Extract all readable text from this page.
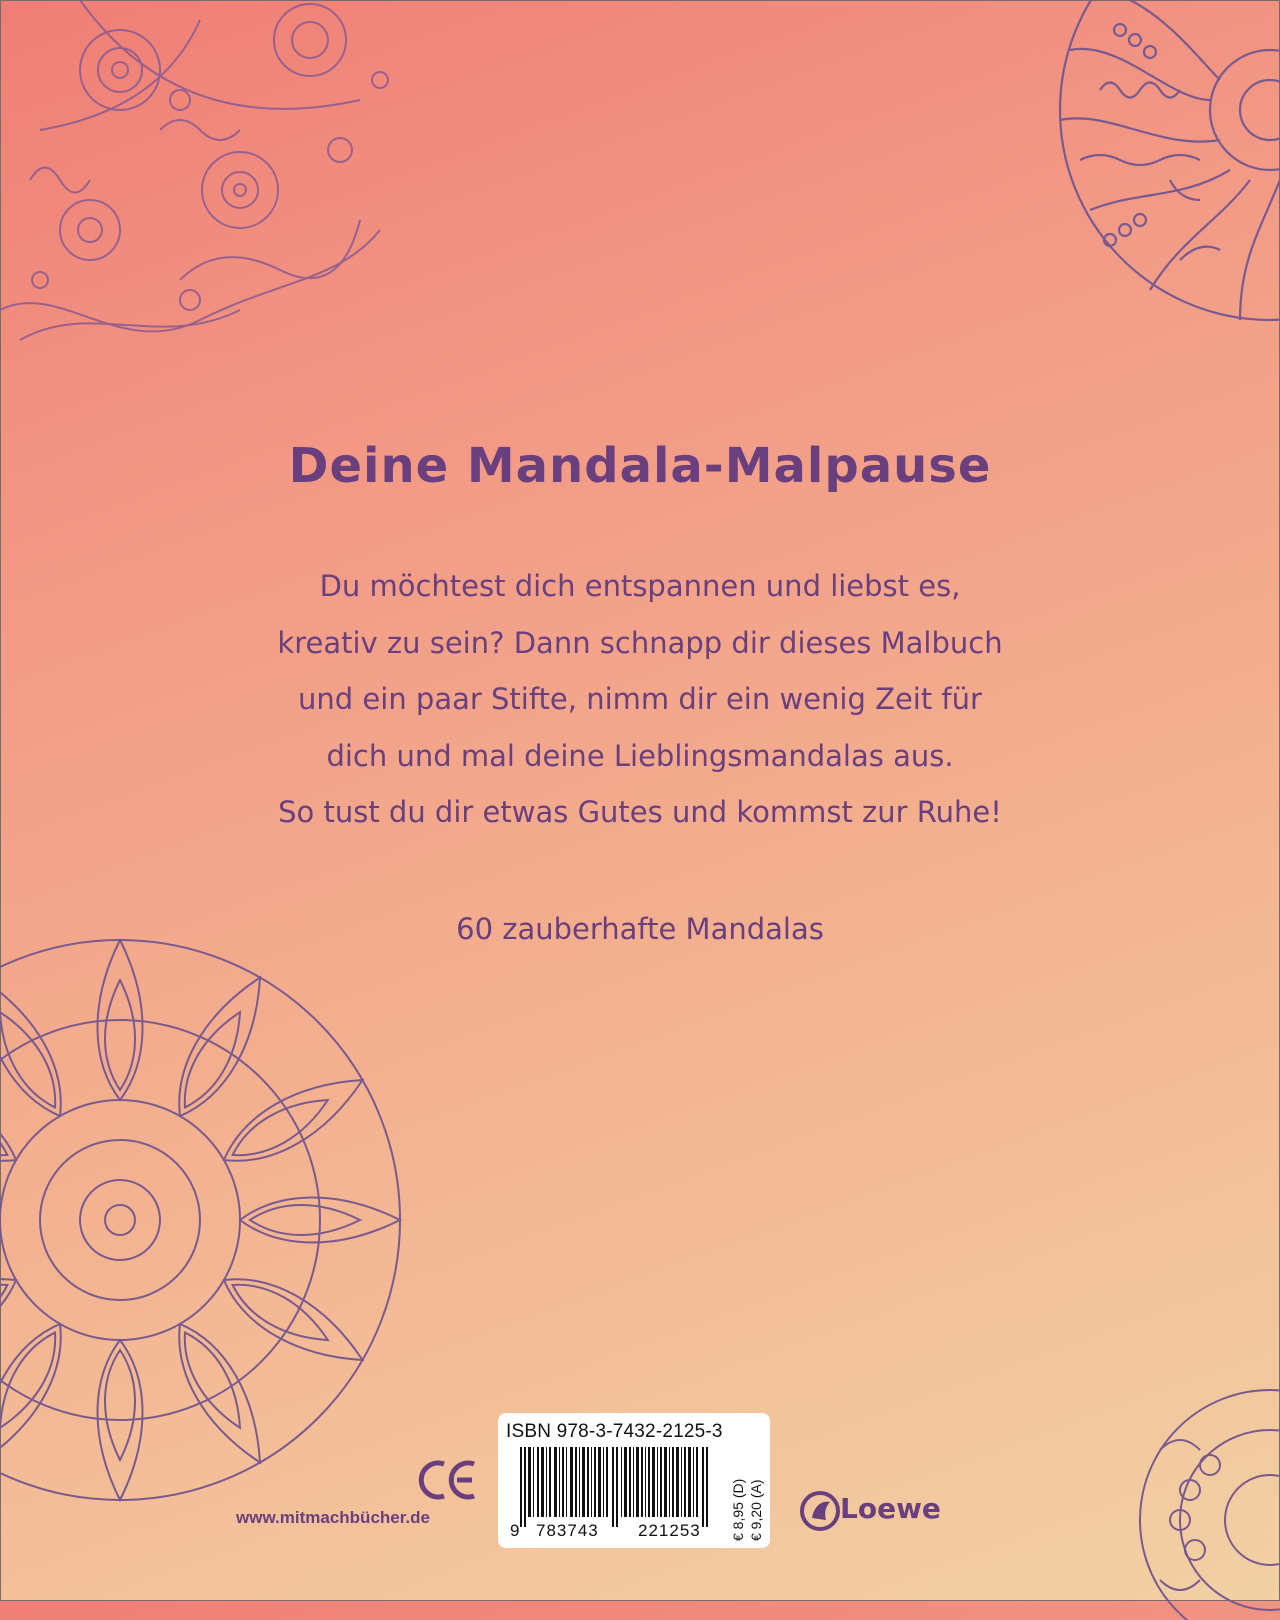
Deine Mandala-Malpause
Du möchtest dich entspannen und liebst es,
kreativ zu sein? Dann schnapp dir dieses Malbuch
und ein paar Stifte, nimm dir ein wenig Zeit für
dich und mal deine Lieblingsmandalas aus.
So tust du dir etwas Gutes und kommst zur Ruhe!
60 zauberhafte Mandalas
www.mitmachbücher.de
ISBN 978-3-7432-2125-3
9 783743 221253 € 8,95 (D) € 9,20 (A)	Loewe
